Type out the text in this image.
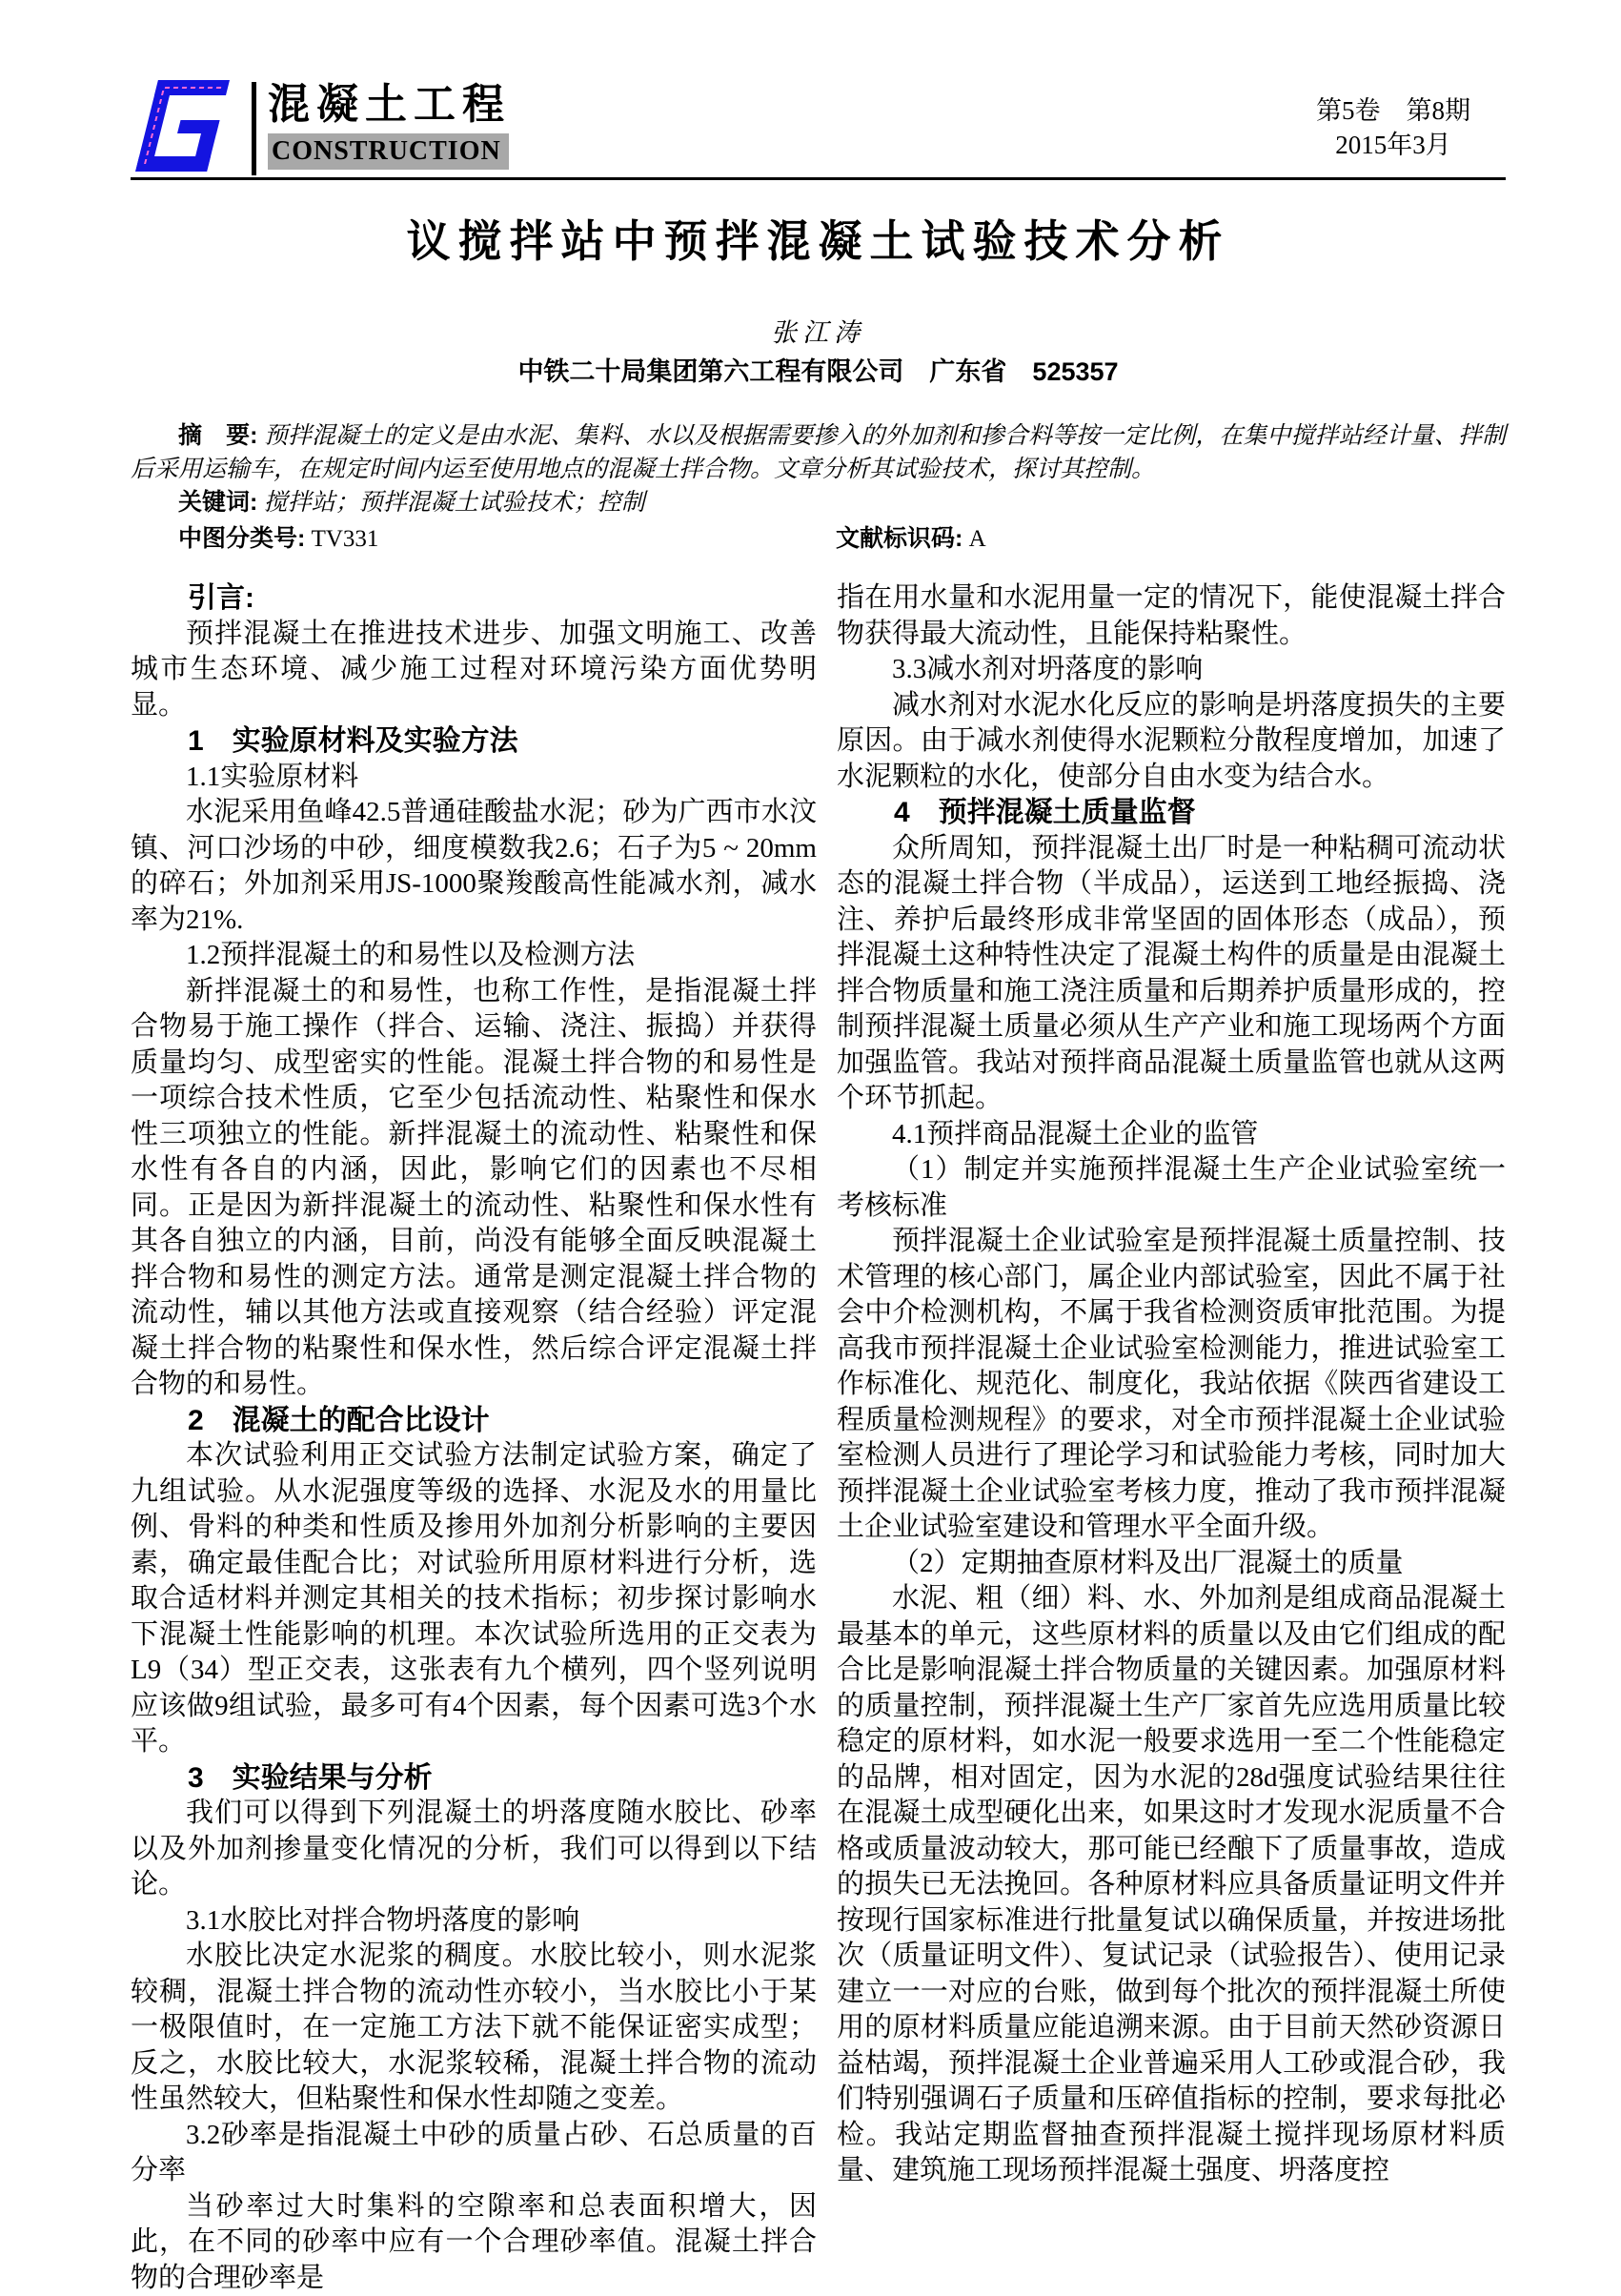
混凝土工程
CONSTRUCTION
第5卷　第8期
2015年3月
议搅拌站中预拌混凝土试验技术分析
张江涛
中铁二十局集团第六工程有限公司　广东省　525357

摘　要: 预拌混凝土的定义是由水泥、集料、水以及根据需要掺入的外加剂和掺合料等按一定比例，在集中搅拌站经计量、拌制后采用运输车，在规定时间内运至使用地点的混凝土拌合物。文章分析其试验技术，探讨其控制。

关键词: 搅拌站；预拌混凝土试验技术；控制

中图分类号: TV331	文献标识码: A
引言:
预拌混凝土在推进技术进步、加强文明施工、改善城市生态环境、减少施工过程对环境污染方面优势明显。
1　实验原材料及实验方法
1.1实验原材料
水泥采用鱼峰42.5普通硅酸盐水泥；砂为广西市水汶镇、河口沙场的中砂，细度模数我2.6；石子为5 ~ 20mm的碎石；外加剂采用JS-1000聚羧酸高性能减水剂，减水率为21%.
1.2预拌混凝土的和易性以及检测方法
新拌混凝土的和易性，也称工作性，是指混凝土拌合物易于施工操作（拌合、运输、浇注、振捣）并获得质量均匀、成型密实的性能。混凝土拌合物的和易性是一项综合技术性质，它至少包括流动性、粘聚性和保水性三项独立的性能。新拌混凝土的流动性、粘聚性和保水性有各自的内涵，因此，影响它们的因素也不尽相同。正是因为新拌混凝土的流动性、粘聚性和保水性有其各自独立的内涵，目前，尚没有能够全面反映混凝土拌合物和易性的测定方法。通常是测定混凝土拌合物的流动性，辅以其他方法或直接观察（结合经验）评定混凝土拌合物的粘聚性和保水性，然后综合评定混凝土拌合物的和易性。
2　混凝土的配合比设计
本次试验利用正交试验方法制定试验方案，确定了九组试验。从水泥强度等级的选择、水泥及水的用量比例、骨料的种类和性质及掺用外加剂分析影响的主要因素，确定最佳配合比；对试验所用原材料进行分析，选取合适材料并测定其相关的技术指标；初步探讨影响水下混凝土性能影响的机理。本次试验所选用的正交表为L9（34）型正交表，这张表有九个横列，四个竖列说明应该做9组试验，最多可有4个因素，每个因素可选3个水平。
3　实验结果与分析
我们可以得到下列混凝土的坍落度随水胶比、砂率以及外加剂掺量变化情况的分析，我们可以得到以下结论。
3.1水胶比对拌合物坍落度的影响
水胶比决定水泥浆的稠度。水胶比较小，则水泥浆较稠，混凝土拌合物的流动性亦较小，当水胶比小于某一极限值时，在一定施工方法下就不能保证密实成型；反之，水胶比较大，水泥浆较稀，混凝土拌合物的流动性虽然较大，但粘聚性和保水性却随之变差。
3.2砂率是指混凝土中砂的质量占砂、石总质量的百分率
当砂率过大时集料的空隙率和总表面积增大，因此，在不同的砂率中应有一个合理砂率值。混凝土拌合物的合理砂率是
指在用水量和水泥用量一定的情况下，能使混凝土拌合物获得最大流动性，且能保持粘聚性。
3.3减水剂对坍落度的影响
减水剂对水泥水化反应的影响是坍落度损失的主要原因。由于减水剂使得水泥颗粒分散程度增加，加速了水泥颗粒的水化，使部分自由水变为结合水。
4　预拌混凝土质量监督
众所周知，预拌混凝土出厂时是一种粘稠可流动状态的混凝土拌合物（半成品），运送到工地经振捣、浇注、养护后最终形成非常坚固的固体形态（成品），预拌混凝土这种特性决定了混凝土构件的质量是由混凝土拌合物质量和施工浇注质量和后期养护质量形成的，控制预拌混凝土质量必须从生产产业和施工现场两个方面加强监管。我站对预拌商品混凝土质量监管也就从这两个环节抓起。
4.1预拌商品混凝土企业的监管
（1）制定并实施预拌混凝土生产企业试验室统一考核标准
预拌混凝土企业试验室是预拌混凝土质量控制、技术管理的核心部门，属企业内部试验室，因此不属于社会中介检测机构，不属于我省检测资质审批范围。为提高我市预拌混凝土企业试验室检测能力，推进试验室工作标准化、规范化、制度化，我站依据《陕西省建设工程质量检测规程》的要求，对全市预拌混凝土企业试验室检测人员进行了理论学习和试验能力考核，同时加大预拌混凝土企业试验室考核力度，推动了我市预拌混凝土企业试验室建设和管理水平全面升级。
（2）定期抽查原材料及出厂混凝土的质量
水泥、粗（细）料、水、外加剂是组成商品混凝土最基本的单元，这些原材料的质量以及由它们组成的配合比是影响混凝土拌合物质量的关键因素。加强原材料的质量控制，预拌混凝土生产厂家首先应选用质量比较稳定的原材料，如水泥一般要求选用一至二个性能稳定的品牌，相对固定，因为水泥的28d强度试验结果往往在混凝土成型硬化出来，如果这时才发现水泥质量不合格或质量波动较大，那可能已经酿下了质量事故，造成的损失已无法挽回。各种原材料应具备质量证明文件并按现行国家标准进行批量复试以确保质量，并按进场批次（质量证明文件）、复试记录（试验报告）、使用记录建立一一对应的台账，做到每个批次的预拌混凝土所使用的原材料质量应能追溯来源。由于目前天然砂资源日益枯竭，预拌混凝土企业普遍采用人工砂或混合砂，我们特别强调石子质量和压碎值指标的控制，要求每批必检。我站定期监督抽查预拌混凝土搅拌现场原材料质量、建筑施工现场预拌混凝土强度、坍落度控
